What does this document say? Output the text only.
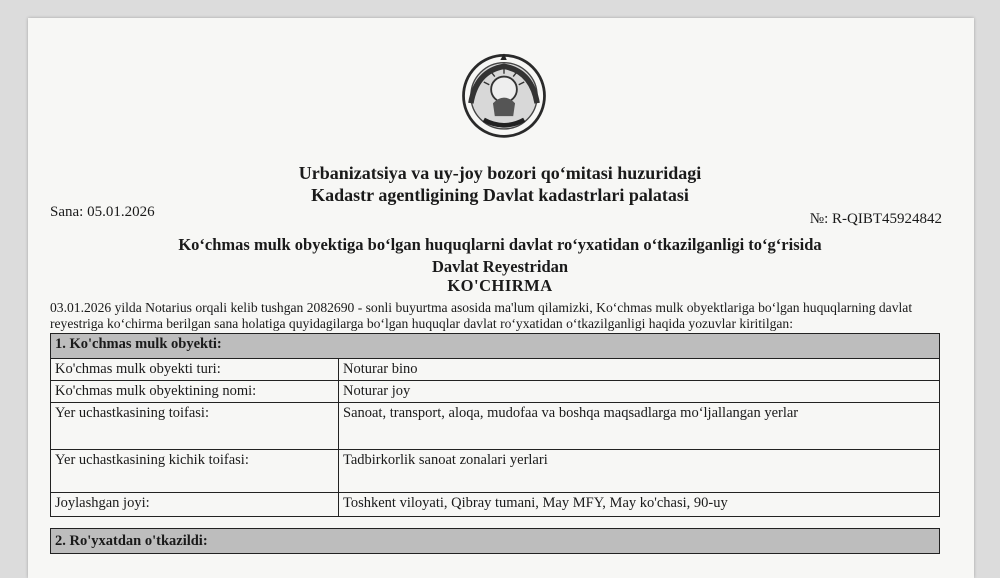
Urbanizatsiya va uy-joy bozori qoʻmitasi huzuridagi
Kadastr agentligining Davlat kadastrlari palatasi
Sana: 05.01.2026	№: R-QIBT45924842
Koʻchmas mulk obyektiga boʻlgan huquqlarni davlat roʻyxatidan oʻtkazilganligi toʻgʻrisida
Davlat Reyestridan
KO'CHIRMA
03.01.2026 yilda Notarius orqali kelib tushgan 2082690 - sonli buyurtma asosida ma'lum qilamizki, Koʻchmas mulk obyektlariga boʻlgan huquqlarning davlat reyestriga koʻchirma berilgan sana holatiga quyidagilarga boʻlgan huquqlar davlat roʻyxatidan oʻtkazilganligi haqida yozuvlar kiritilgan:
1. Ko'chmas mulk obyekti:	
Ko'chmas mulk obyekti turi:	Noturar bino
Ko'chmas mulk obyektining nomi:	Noturar joy
Yer uchastkasining toifasi:	Sanoat, transport, aloqa, mudofaa va boshqa maqsadlarga moʻljallangan yerlar
Yer uchastkasining kichik toifasi:	Tadbirkorlik sanoat zonalari yerlari
Joylashgan joyi:	Toshkent viloyati, Qibray tumani, May MFY, May ko'chasi, 90-uy
2. Ro'yxatdan o'tkazildi:
